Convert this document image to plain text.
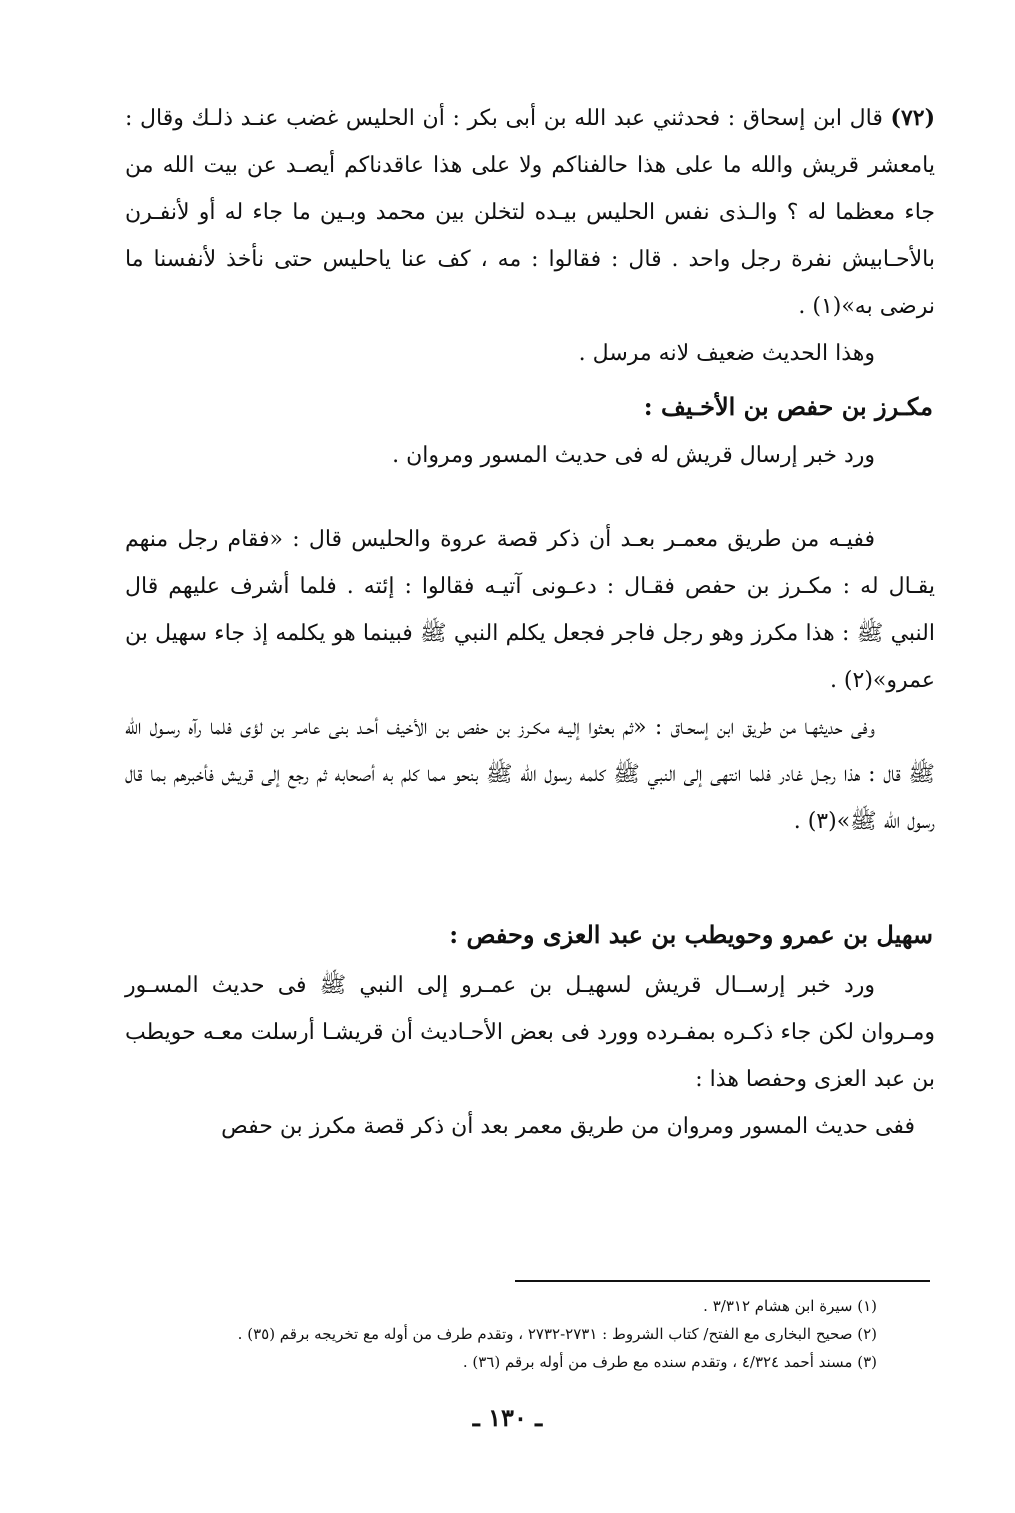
(٧٢) قال ابن إسحاق : فحدثني عبد الله بن أبى بكر : أن الحليس غضب عنـد ذلـك وقال : يامعشر قريش والله ما على هذا حالفناكم ولا على هذا عاقدناكم أيصـد عن بيت الله من جاء معظما له ؟ والـذى نفس الحليس بيـده لتخلن بين محمد وبـين ما جاء له أو لأنفـرن بالأحـابيش نفرة رجل واحد . قال : فقالوا : مه ، كف عنا ياحليس حتى نأخذ لأنفسنا ما نرضى به»(١) .

وهذا الحديث ضعيف لانه مرسل .

مكـرز بن حفص بن الأخـيف :

ورد خبر إرسال قريش له فى حديث المسور ومروان .

ففيـه من طريق معمـر بعـد أن ذكر قصة عروة والحليس قال : «فقام رجل منهم يقـال له : مكـرز بن حفص فقـال : دعـونى آتيـه فقالوا : إئته . فلما أشرف عليهم قال النبي ﷺ : هذا مكرز وهو رجل فاجر فجعل يكلم النبي ﷺ فبينما هو يكلمه إذ جاء سهيل بن عمرو»(٢) .

وفى حديثهـا من طريق ابن إسحـاق : «ثم بعثوا إليـه مكـرز بن حفص بن الأخيف أحـد بنى عامـر بن لؤى فلما رآه رسـول الله ﷺ قال : هذا رجـل غادر فلما انتهى إلى النبي ﷺ كلمه رسول الله ﷺ بنحو مما كلم به أصحابه ثم رجع إلى قريش فأخبرهم بما قال رسول الله ﷺ»(٣) .

سهيل بن عمرو وحويطب بن عبد العزى وحفص :

ورد خبر إرســال قريش لسهيـل بن عمـرو إلى النبي ﷺ فى حديث المسـور ومـروان لكن جاء ذكـره بمفـرده وورد فى بعض الأحـاديث أن قريشـا أرسلت معـه حويطب بن عبد العزى وحفصا هذا :

ففى حديث المسور ومروان من طريق معمر بعد أن ذكر قصة مكرز بن حفص

(١) سيرة ابن هشام ٣/٣١٢ .
(٢) صحيح البخارى مع الفتح/ كتاب الشروط : ٢٧٣١-٢٧٣٢ ، وتقدم طرف من أوله مع تخريجه برقم (٣٥) .
(٣) مسند أحمد ٤/٣٢٤ ، وتقدم سنده مع طرف من أوله برقم (٣٦) .
ـ ١٣٠ ـ
